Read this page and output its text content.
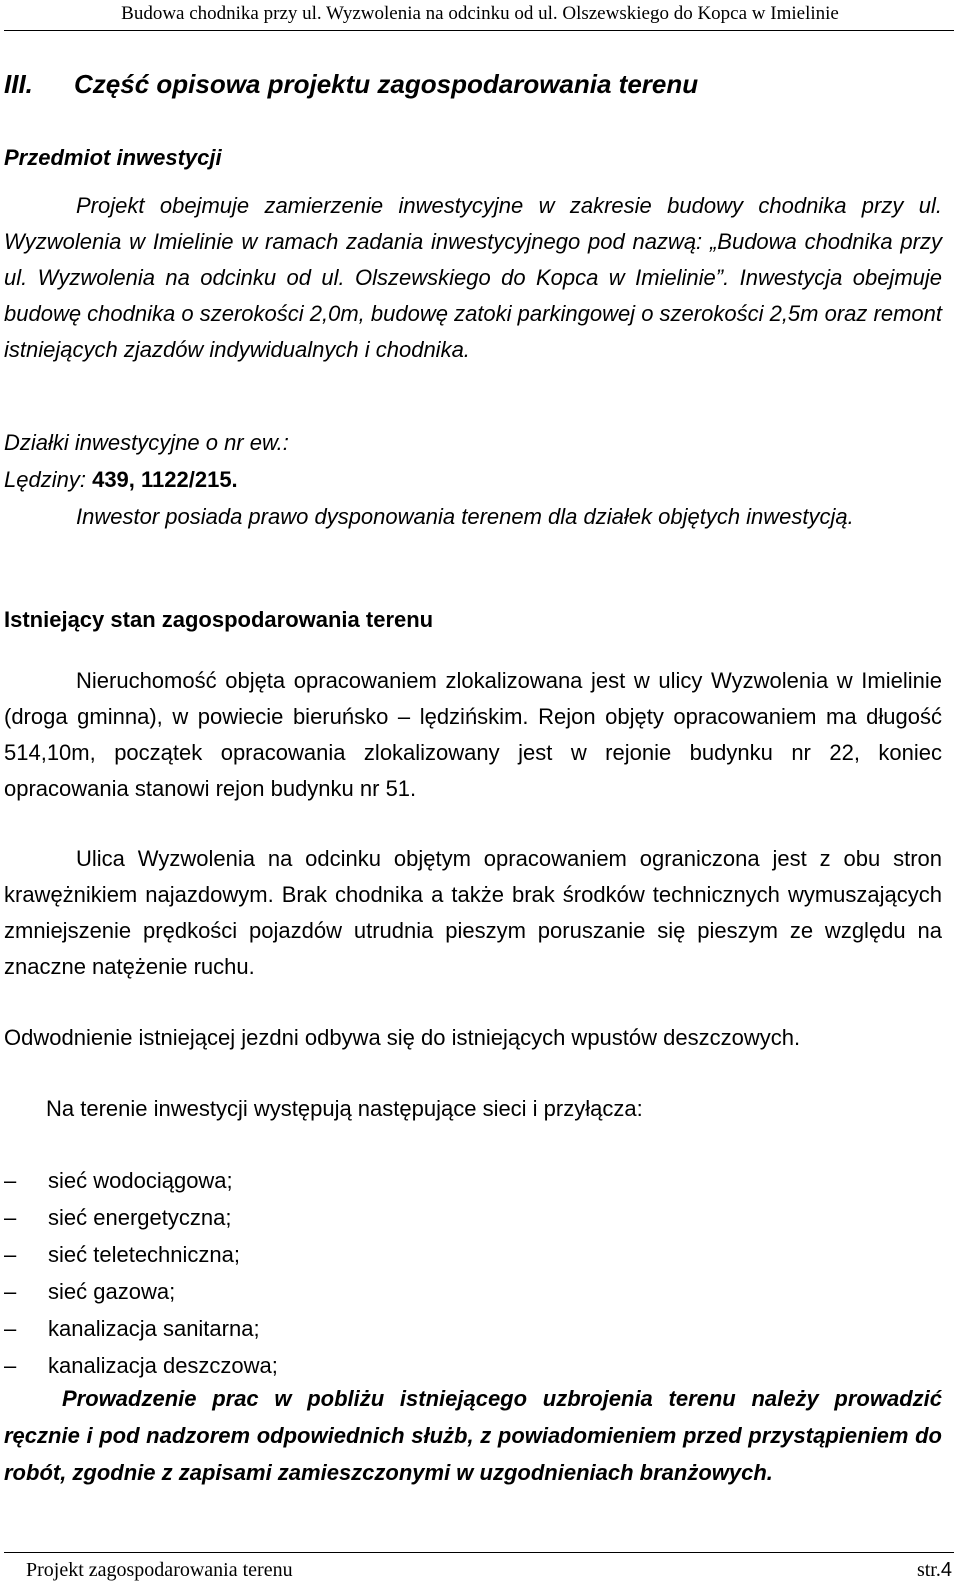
Budowa chodnika przy ul. Wyzwolenia na odcinku od ul. Olszewskiego do Kopca w Imielinie
III. Część opisowa projektu zagospodarowania terenu
Przedmiot inwestycji
Projekt obejmuje zamierzenie inwestycyjne w zakresie budowy chodnika przy ul. Wyzwolenia w Imielinie w ramach zadania inwestycyjnego pod nazwą: „Budowa chodnika przy ul. Wyzwolenia na odcinku od ul. Olszewskiego do Kopca w Imielinie”. Inwestycja obejmuje budowę chodnika o szerokości 2,0m, budowę zatoki parkingowej o szerokości 2,5m oraz remont istniejących zjazdów indywidualnych i chodnika.
Działki inwestycyjne o nr ew.:
Lędziny: 439, 1122/215.
Inwestor posiada prawo dysponowania terenem dla działek objętych inwestycją.
Istniejący stan zagospodarowania terenu
Nieruchomość objęta opracowaniem zlokalizowana jest w ulicy Wyzwolenia w Imielinie (droga gminna), w powiecie bieruńsko – lędzińskim. Rejon objęty opracowaniem ma długość 514,10m, początek opracowania zlokalizowany jest w rejonie budynku nr 22, koniec opracowania stanowi rejon budynku nr 51.
Ulica Wyzwolenia na odcinku objętym opracowaniem ograniczona jest z obu stron krawężnikiem najazdowym. Brak chodnika a także brak środków technicznych wymuszających zmniejszenie prędkości pojazdów utrudnia pieszym poruszanie się pieszym ze względu na znaczne natężenie ruchu.
Odwodnienie istniejącej jezdni odbywa się do istniejących wpustów deszczowych.
Na terenie inwestycji występują następujące sieci i przyłącza:
–	sieć wodociągowa;
–	sieć energetyczna;
–	sieć teletechniczna;
–	sieć gazowa;
–	kanalizacja sanitarna;
–	kanalizacja deszczowa;
Prowadzenie prac w pobliżu istniejącego uzbrojenia terenu należy prowadzić ręcznie i pod nadzorem odpowiednich służb, z powiadomieniem przed przystąpieniem do robót, zgodnie z zapisami zamieszczonymi w uzgodnieniach branżowych.
Projekt zagospodarowania terenu	str.4
